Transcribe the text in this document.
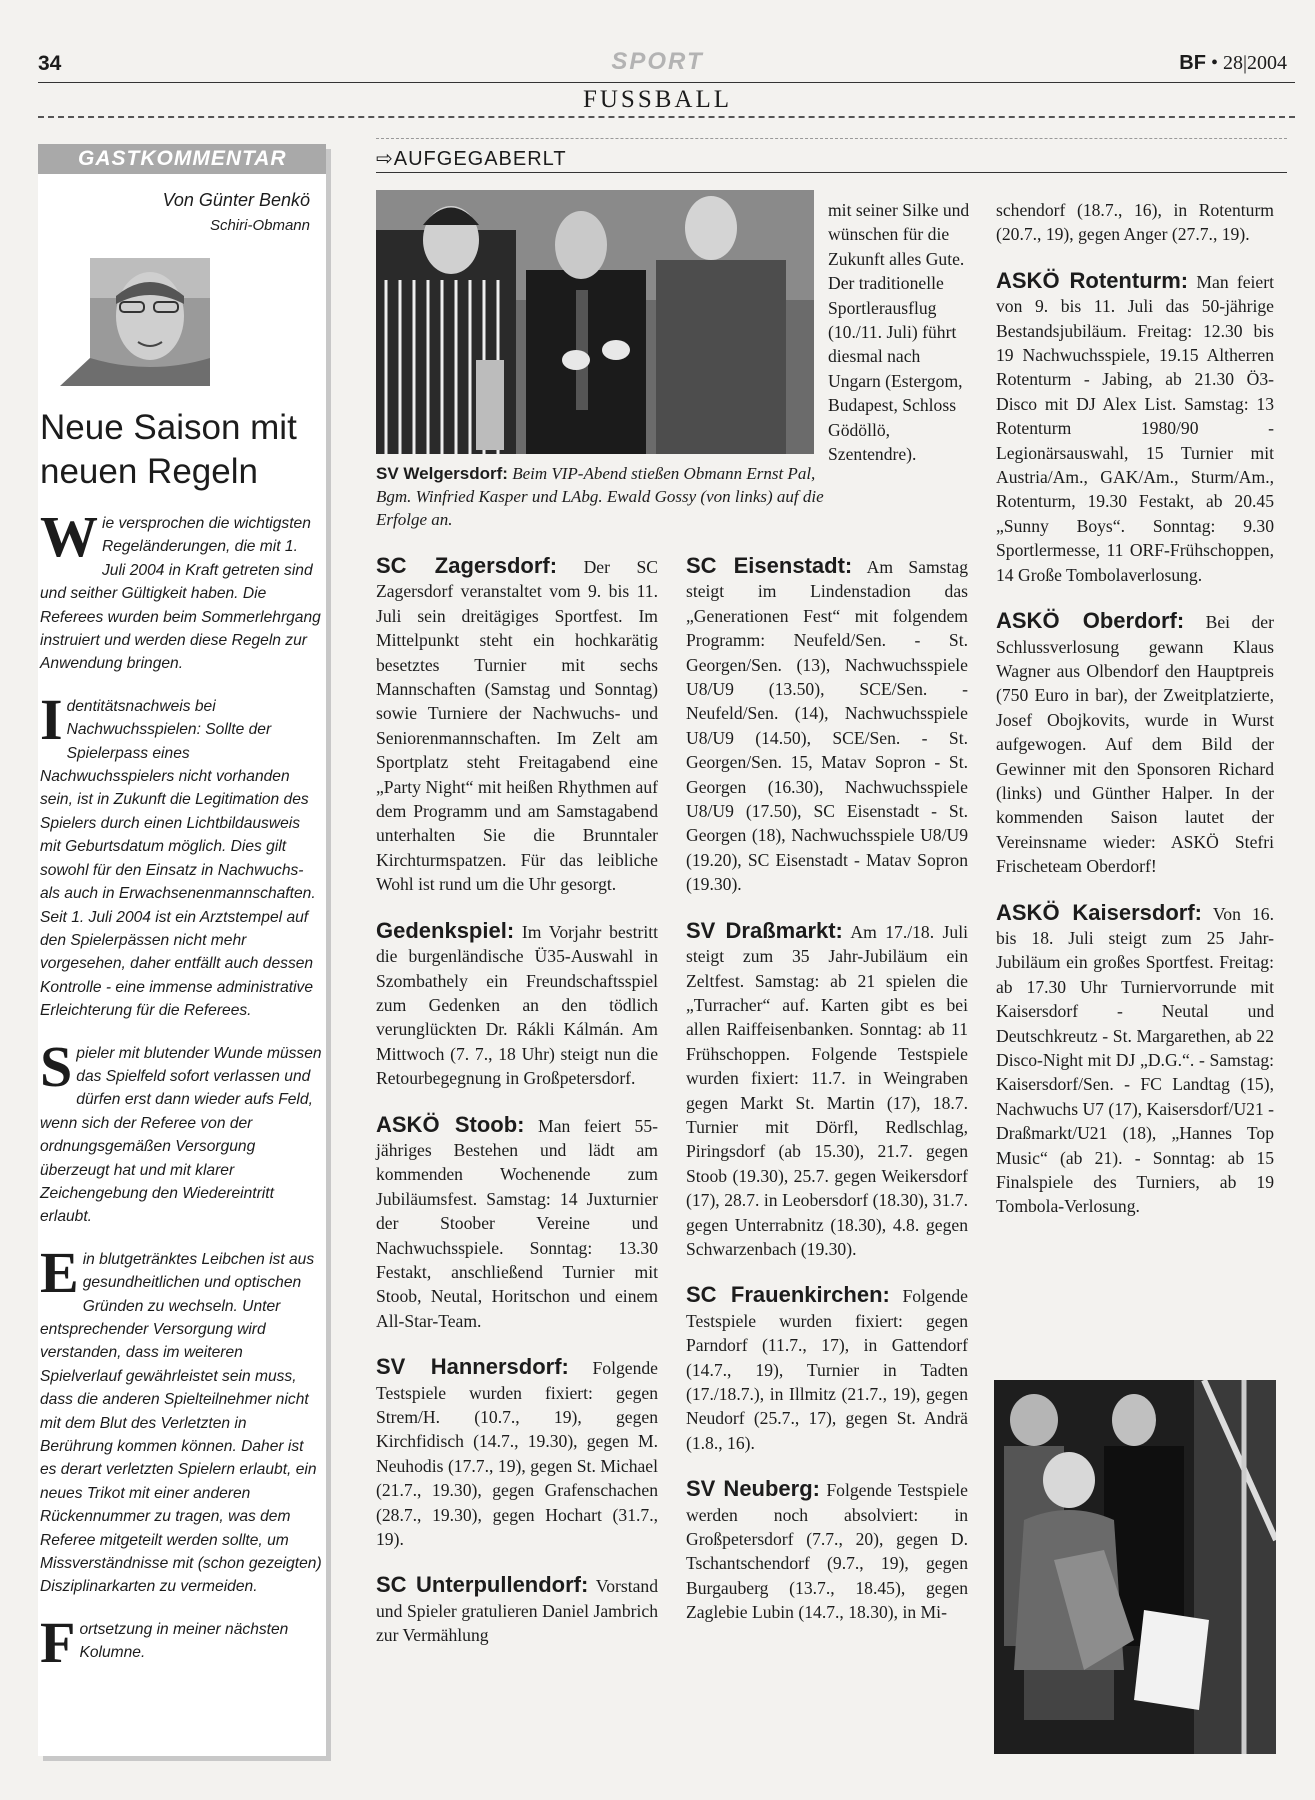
34	SPORT	BF • 28|2004
FUSSBALL
GASTKOMMENTAR
Von Günter Benkö
Schiri-Obmann
Neue Saison mit
neuen Regeln

Wie versprochen die wichtigsten Regeländerungen, die mit 1. Juli 2004 in Kraft getreten sind und seither Gültigkeit haben. Die Referees wurden beim Sommerlehrgang instruiert und werden diese Regeln zur Anwendung bringen.

Identitätsnachweis bei Nachwuchsspielen: Sollte der Spielerpass eines Nachwuchsspielers nicht vorhanden sein, ist in Zukunft die Legitimation des Spielers durch einen Lichtbildausweis mit Geburtsdatum möglich. Dies gilt sowohl für den Einsatz in Nachwuchs- als auch in Erwachsenenmannschaften. Seit 1. Juli 2004 ist ein Arztstempel auf den Spielerpässen nicht mehr vorgesehen, daher entfällt auch dessen Kontrolle - eine immense administrative Erleichterung für die Referees.

Spieler mit blutender Wunde müssen das Spielfeld sofort verlassen und dürfen erst dann wieder aufs Feld, wenn sich der Referee von der ordnungsgemäßen Versorgung überzeugt hat und mit klarer Zeichengebung den Wiedereintritt erlaubt.

Ein blutgetränktes Leibchen ist aus gesundheitlichen und optischen Gründen zu wechseln. Unter entsprechender Versorgung wird verstanden, dass im weiteren Spielverlauf gewährleistet sein muss, dass die anderen Spielteilnehmer nicht mit dem Blut des Verletzten in Berührung kommen können. Daher ist es derart verletzten Spielern erlaubt, ein neues Trikot mit einer anderen Rückennummer zu tragen, was dem Referee mitgeteilt werden sollte, um Missverständnisse mit (schon gezeigten) Disziplinarkarten zu vermeiden.

Fortsetzung in meiner nächsten Kolumne.

⇨AUFGEGABERLT
SV Welgersdorf: Beim VIP-Abend stießen Obmann Ernst Pal, Bgm. Winfried Kasper und LAbg. Ewald Gossy (von links) auf die Erfolge an.
mit seiner Silke und wünschen für die Zukunft alles Gute. Der traditionelle Sportlerausflug (10./11. Juli) führt diesmal nach Ungarn (Estergom, Budapest, Schloss Gödöllö, Szentendre).

SC Zagersdorf: Der SC Zagersdorf veranstaltet vom 9. bis 11. Juli sein dreitägiges Sportfest. Im Mittelpunkt steht ein hochkarätig besetztes Turnier mit sechs Mannschaften (Samstag und Sonntag) sowie Turniere der Nachwuchs- und Seniorenmannschaften. Im Zelt am Sportplatz steht Freitagabend eine „Party Night“ mit heißen Rhythmen auf dem Programm und am Samstagabend unterhalten Sie die Brunntaler Kirchturmspatzen. Für das leibliche Wohl ist rund um die Uhr gesorgt.

Gedenkspiel: Im Vorjahr bestritt die burgenländische Ü35-Auswahl in Szombathely ein Freundschaftsspiel zum Gedenken an den tödlich verunglückten Dr. Rákli Kálmán. Am Mittwoch (7. 7., 18 Uhr) steigt nun die Retourbegegnung in Großpetersdorf.

ASKÖ Stoob: Man feiert 55-jähriges Bestehen und lädt am kommenden Wochenende zum Jubiläumsfest. Samstag: 14 Juxturnier der Stoober Vereine und Nachwuchsspiele. Sonntag: 13.30 Festakt, anschließend Turnier mit Stoob, Neutal, Horitschon und einem All-Star-Team.

SV Hannersdorf: Folgende Testspiele wurden fixiert: gegen Strem/H. (10.7., 19), gegen Kirchfidisch (14.7., 19.30), gegen M. Neuhodis (17.7., 19), gegen St. Michael (21.7., 19.30), gegen Grafenschachen (28.7., 19.30), gegen Hochart (31.7., 19).

SC Unterpullendorf: Vorstand und Spieler gratulieren Daniel Jambrich zur Vermählung

SC Eisenstadt: Am Samstag steigt im Lindenstadion das „Generationen Fest“ mit folgendem Programm: Neufeld/Sen. - St. Georgen/Sen. (13), Nachwuchsspiele U8/U9 (13.50), SCE/Sen. - Neufeld/Sen. (14), Nachwuchsspiele U8/U9 (14.50), SCE/Sen. - St. Georgen/Sen. 15, Matav Sopron - St. Georgen (16.30), Nachwuchsspiele U8/U9 (17.50), SC Eisenstadt - St. Georgen (18), Nachwuchsspiele U8/U9 (19.20), SC Eisenstadt - Matav Sopron (19.30).

SV Draßmarkt: Am 17./18. Juli steigt zum 35 Jahr-Jubiläum ein Zeltfest. Samstag: ab 21 spielen die „Turracher“ auf. Karten gibt es bei allen Raiffeisenbanken. Sonntag: ab 11 Frühschoppen. Folgende Testspiele wurden fixiert: 11.7. in Weingraben gegen Markt St. Martin (17), 18.7. Turnier mit Dörfl, Redlschlag, Piringsdorf (ab 15.30), 21.7. gegen Stoob (19.30), 25.7. gegen Weikersdorf (17), 28.7. in Leobersdorf (18.30), 31.7. gegen Unterrabnitz (18.30), 4.8. gegen Schwarzenbach (19.30).

SC Frauenkirchen: Folgende Testspiele wurden fixiert: gegen Parndorf (11.7., 17), in Gattendorf (14.7., 19), Turnier in Tadten (17./18.7.), in Illmitz (21.7., 19), gegen Neudorf (25.7., 17), gegen St. Andrä (1.8., 16).

SV Neuberg: Folgende Testspiele werden noch absolviert: in Großpetersdorf (7.7., 20), gegen D. Tschantschendorf (9.7., 19), gegen Burgauberg (13.7., 18.45), gegen Zaglebie Lubin (14.7., 18.30), in Mi-

schendorf (18.7., 16), in Rotenturm (20.7., 19), gegen Anger (27.7., 19).

ASKÖ Rotenturm: Man feiert von 9. bis 11. Juli das 50-jährige Bestandsjubiläum. Freitag: 12.30 bis 19 Nachwuchsspiele, 19.15 Altherren Rotenturm - Jabing, ab 21.30 Ö3-Disco mit DJ Alex List. Samstag: 13 Rotenturm 1980/90 - Legionärsauswahl, 15 Turnier mit Austria/Am., GAK/Am., Sturm/Am., Rotenturm, 19.30 Festakt, ab 20.45 „Sunny Boys“. Sonntag: 9.30 Sportlermesse, 11 ORF-Frühschoppen, 14 Große Tombolaverlosung.

ASKÖ Oberdorf: Bei der Schlussverlosung gewann Klaus Wagner aus Olbendorf den Hauptpreis (750 Euro in bar), der Zweitplatzierte, Josef Obojkovits, wurde in Wurst aufgewogen. Auf dem Bild der Gewinner mit den Sponsoren Richard (links) und Günther Halper. In der kommenden Saison lautet der Vereinsname wieder: ASKÖ Stefri Frischeteam Oberdorf!

ASKÖ Kaisersdorf: Von 16. bis 18. Juli steigt zum 25 Jahr-Jubiläum ein großes Sportfest. Freitag: ab 17.30 Uhr Turniervorrunde mit Kaisersdorf - Neutal und Deutschkreutz - St. Margarethen, ab 22 Disco-Night mit DJ „D.G.“. - Samstag: Kaisersdorf/Sen. - FC Landtag (15), Nachwuchs U7 (17), Kaisersdorf/U21 - Draßmarkt/U21 (18), „Hannes Top Music“ (ab 21). - Sonntag: ab 15 Finalspiele des Turniers, ab 19 Tombola-Verlosung.
